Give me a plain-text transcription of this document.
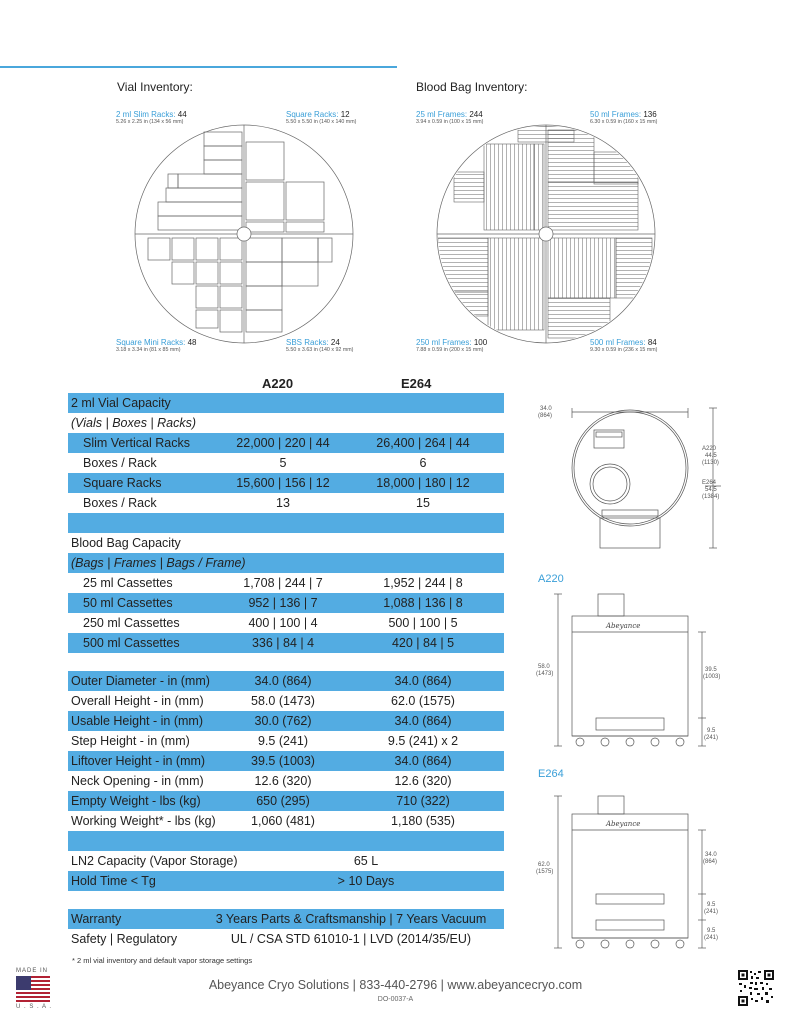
Vial Inventory:
2 ml Slim Racks: 44
5.26 x 2.25 in (134 x 56 mm)
Square Racks: 12
5.50 x 5.50 in (140 x 140 mm)
Square Mini Racks: 48
3.18 x 3.34 in (81 x 85 mm)
SBS Racks: 24
5.50 x 3.63 in (140 x 92 mm)
Blood Bag Inventory:
25 ml Frames: 244
3.94 x 0.59 in (100 x 15 mm)
50 ml Frames: 136
6.30 x 0.59 in (160 x 15 mm)
250 ml Frames: 100
7.88 x 0.59 in (200 x 15 mm)
500 ml Frames: 84
9.30 x 0.59 in (236 x 15 mm)
A220	E264
2 ml Vial Capacity
(Vials | Boxes | Racks)
Slim Vertical Racks	22,000 | 220 | 44	26,400 | 264 | 44
Boxes / Rack	5	6
Square Racks	15,600 | 156 | 12	18,000 | 180 | 12
Boxes / Rack	13	15
Blood Bag Capacity
(Bags | Frames | Bags / Frame)
25 ml Cassettes	1,708 | 244 | 7	1,952 | 244 | 8
50 ml Cassettes	952 | 136 | 7	1,088 | 136 | 8
250 ml Cassettes	400 | 100 | 4	500 | 100 | 5
500 ml Cassettes	336 | 84 | 4	420 | 84 | 5
Outer Diameter - in (mm)	34.0 (864)	34.0 (864)
Overall Height - in (mm)	58.0 (1473)	62.0 (1575)
Usable Height - in (mm)	30.0 (762)	34.0 (864)
Step Height - in (mm)	9.5 (241)	9.5 (241) x 2
Liftover Height - in (mm)	39.5 (1003)	34.0 (864)
Neck Opening - in (mm)	12.6 (320)	12.6 (320)
Empty Weight - lbs (kg)	650 (295)	710 (322)
Working Weight* - lbs (kg)	1,060 (481)	1,180 (535)
LN2 Capacity (Vapor Storage)	65 L
Hold Time < Tg	> 10 Days
Warranty	3 Years Parts & Craftsmanship | 7 Years Vacuum
Safety | Regulatory	UL / CSA STD 61010-1 | LVD (2014/35/EU)
34.0
(864)
A220
44.5
(1130)
E264
54.5
(1384)
A220
Abeyance
58.0
(1473)
39.5
(1003)
9.5
(241)
E264
Abeyance
62.0
(1575)
34.0
(864)
9.5
(241)
9.5
(241)
* 2 ml vial inventory and default vapor storage settings
MADE IN
U . S . A .
Abeyance Cryo Solutions | 833-440-2796 | www.abeyancecryo.com
DO-0037-A
